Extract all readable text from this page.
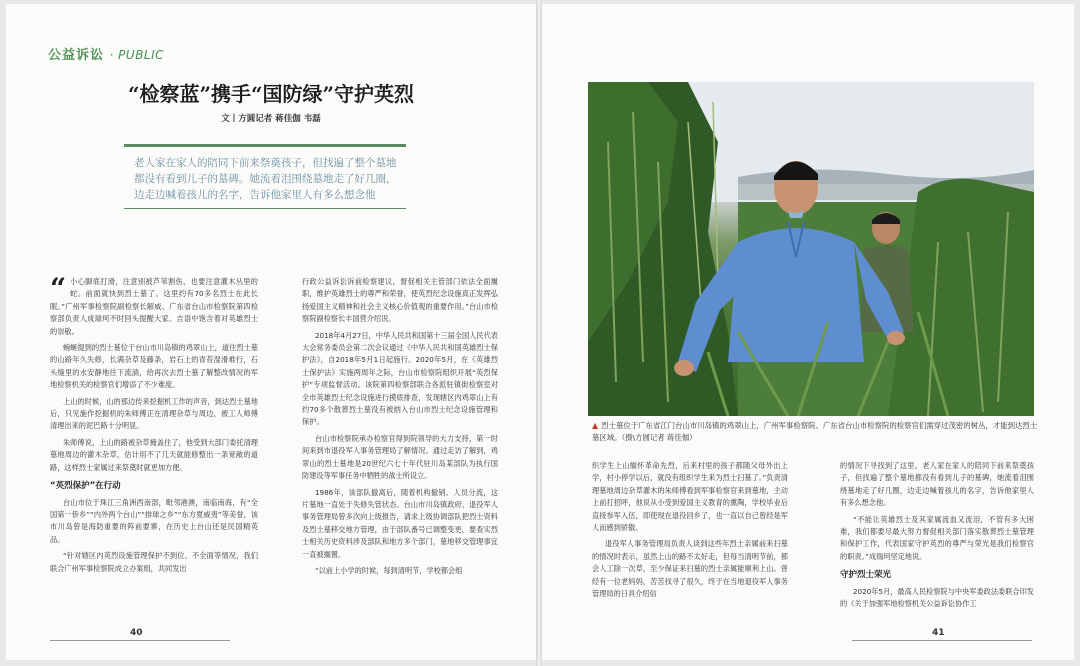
公益诉讼 · PUBLIC
“检察蓝”携手“国防绿”守护英烈
文丨方圆记者 蒋佳伽 韦磊
老人家在家人的陪同下前来祭奠孩子，但找遍了整个墓地都没有看到儿子的墓碑。她流着泪围绕墓地走了好几圈，边走边喊着孩儿的名字，告诉他家里人有多么想念他

“ 小心脚底打滑，注意别被芦苇割伤，也要注意灌木丛里的蛇。前面就快到烈士墓了。这里约有70多名烈士在此长眠。”广州军事检察院副检察长解威、广东省台山市检察院第四检察部负责人成瑞珂不时回头提醒大家。吉语中饱含着对英雄烈士的崇敬。

蜿蜒提到的烈士墓位于台山市川岛镇的鸡翠山上，道往烈士墓的山路年久失修，长满杂草及藤条，岩石上的青苔湿滑难行，石头缝里的水安静地往下流淌，给再次去烈士墓了解整改情况的军地检察机关的检察官们增添了不少难度。

上山的时候，山的那边传来挖掘机工作的声音，到达烈士墓地后，只见施作挖掘机的朱师傅正在清理杂草与周边，被工人师傅清理出来的泥巴路十分明显。

朱师傅说，上山的路被杂草掩盖住了，他受到大部门委托清理墓地周边的灌木杂草，估计用不了几天就能修整出一条宽敞的道路，这样烈士家属过来祭奠时就更加方便。

“英烈保护”在行动

台山市位于珠江三角洲西南部，毗邻港澳，南临南海，有“全国第一侨乡”“内外两个台山”“排球之乡”“东方夏威夷”等美誉，该市川岛曾是海防重要的阵前要寨，在历史上台山还是民国精英品。

“针对辖区内英烈设施管理保护不到位、不全面等情况，我们联合广州军事检察院成立办案组，共同发出

行政公益诉讼诉前检察建议，督促相关主管部门依法全面履职，维护英雄烈士的尊严和荣誉，使英烈纪念设施真正发挥弘扬爱国主义精神和社会主义核心价值观的重要作用。”台山市检察院副检察长丰国营介绍说。

2018年4月27日，中华人民共和国第十三届全国人民代表大会常务委员会第二次会议通过《中华人民共和国英雄烈士保护法》，自2018年5月1日起施行。2020年5月，在《英雄烈士保护法》实施两周年之际，台山市检察院组织开展“英烈保护”专项监督活动。该院第四检察部联合各派驻镇街检察室对全市英雄烈士纪念设施进行摸底排查，发现辖区内鸡翠山上有约70多个散葬烈士墓没有被纳入台山市烈士纪念设施管理和保护。

台山市检察院承办检察官得到院领导的大力支持，第一时间来到市退役军人事务管理局了解情况。通过走访了解到，鸡翠山的烈士墓地是20世纪六七十年代驻川岛某部队为执行国防建设等军事任务中牺牲的战士所设立。

1986年，该部队撤离后，随着机构撤销、人员分流，这片墓地一直处于失修失管状态。台山市川岛镇政府、退役军人事务管理局曾多次向上级报告，请求上级协调部队把烈士资料及烈士墓移交地方管理，由于部队番号已调整变更，要查实烈士相关历史资料涉及部队和地方多个部门，墓地移交管理事宜一直被搁置。

“以前上小学的时候，每到清明节，学校都会组

40
▲ 烈士墓位于广东省江门台山市川岛镇的鸡翠山上，广州军事检察院、广东省台山市检察院的检察官们需穿过茂密的树丛，才能到达烈士墓区域。（摄\方圆记者 蒋佳伽）

织学生上山缅怀革命先烈，后来村里的孩子都随父母外出上学，村小停学以后，就没有组织学生来为烈士扫墓了。”负责清理墓地周边杂草灌木的朱师傅看到军事检察官来到墓地，主动上前打招呼，他说从小受到爱国主义教育的熏陶，学校毕业后直接参军入伍，即使现在退役回乡了，也一直以自己曾经是军人而感到骄傲。

退役军人事务管理局负责人谈到这些年烈士亲属前来扫墓的情况时表示，虽然上山的路不太好走，但每当清明节前，都会人工除一次草，至少保证来扫墓的烈士亲属能顺利上山。曾经有一位老妈妈，苦苦找寻了很久，终于在当地退役军人事务管理局的日具介绍信

的情况下寻找到了这里。老人家在家人的陪同下前来祭奠孩子，但找遍了整个墓地都没有看到儿子的墓碑，她流着泪围绕墓地走了好几圈，边走边喊着孩儿的名字，告诉他家里人有多么想念他。

“不能让英雄烈士及其家属流血又流泪，不管有多大困难，我们都要尽最大努力督促相关部门落实散葬烈士墓管理和保护工作，代表国家守护英烈的尊严与荣光是我们检察官的职责。”成瑞珂坚定地说。

守护烈士荣光

2020年5月，最高人民检察院与中央军委政法委联合印发的《关于加强军地检察机关公益诉讼协作工

41
